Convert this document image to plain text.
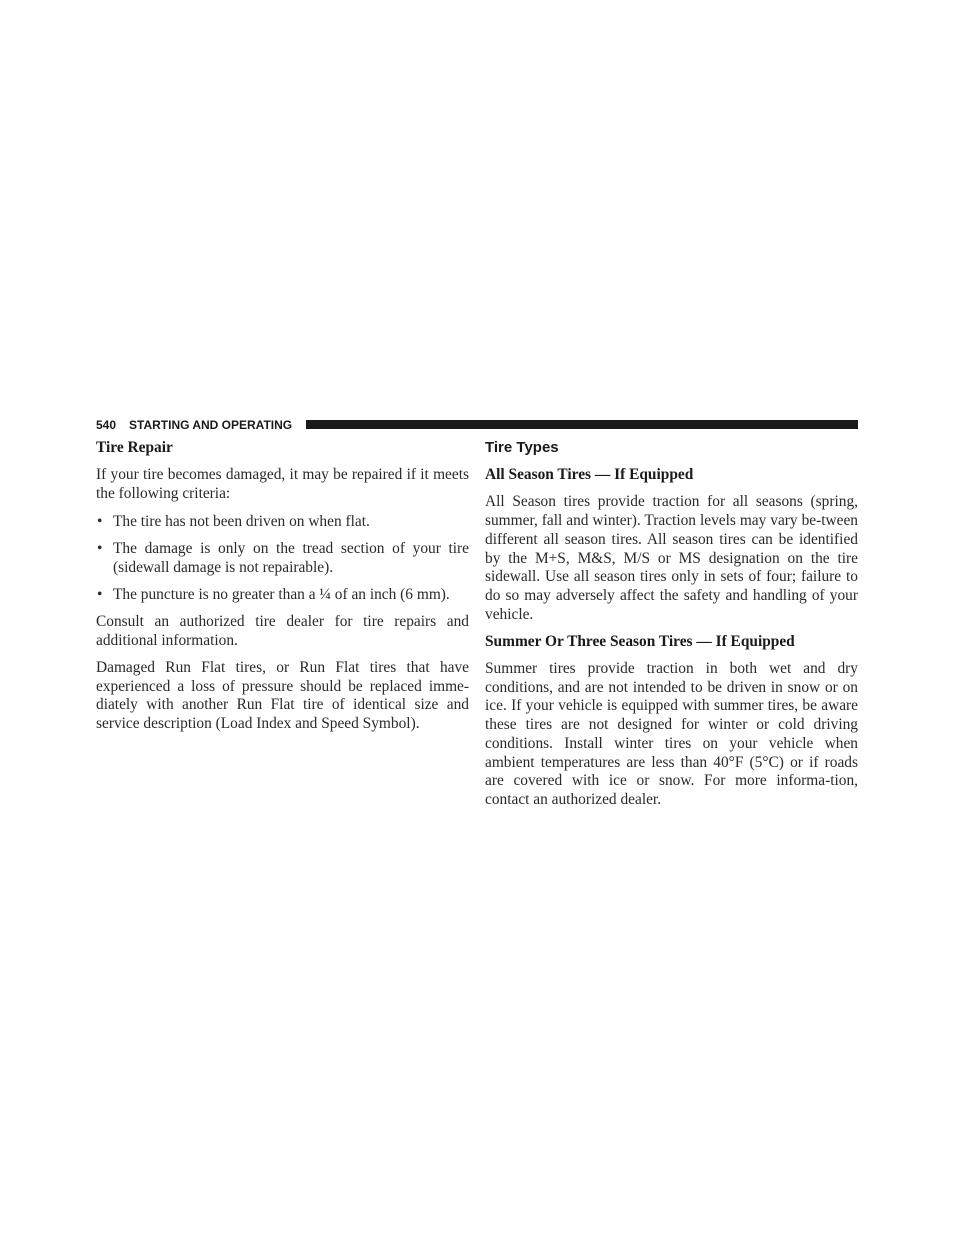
540 STARTING AND OPERATING
Tire Repair

If your tire becomes damaged, it may be repaired if it meets the following criteria:

• The tire has not been driven on when flat.
• The damage is only on the tread section of your tire (sidewall damage is not repairable).
• The puncture is no greater than a ¼ of an inch (6 mm).

Consult an authorized tire dealer for tire repairs and additional information.

Damaged Run Flat tires, or Run Flat tires that have experienced a loss of pressure should be replaced imme-diately with another Run Flat tire of identical size and service description (Load Index and Speed Symbol).

Tire Types
All Season Tires — If Equipped

All Season tires provide traction for all seasons (spring, summer, fall and winter). Traction levels may vary be-tween different all season tires. All season tires can be identified by the M+S, M&S, M/S or MS designation on the tire sidewall. Use all season tires only in sets of four; failure to do so may adversely affect the safety and handling of your vehicle.

Summer Or Three Season Tires — If Equipped

Summer tires provide traction in both wet and dry conditions, and are not intended to be driven in snow or on ice. If your vehicle is equipped with summer tires, be aware these tires are not designed for winter or cold driving conditions. Install winter tires on your vehicle when ambient temperatures are less than 40°F (5°C) or if roads are covered with ice or snow. For more informa-tion, contact an authorized dealer.
